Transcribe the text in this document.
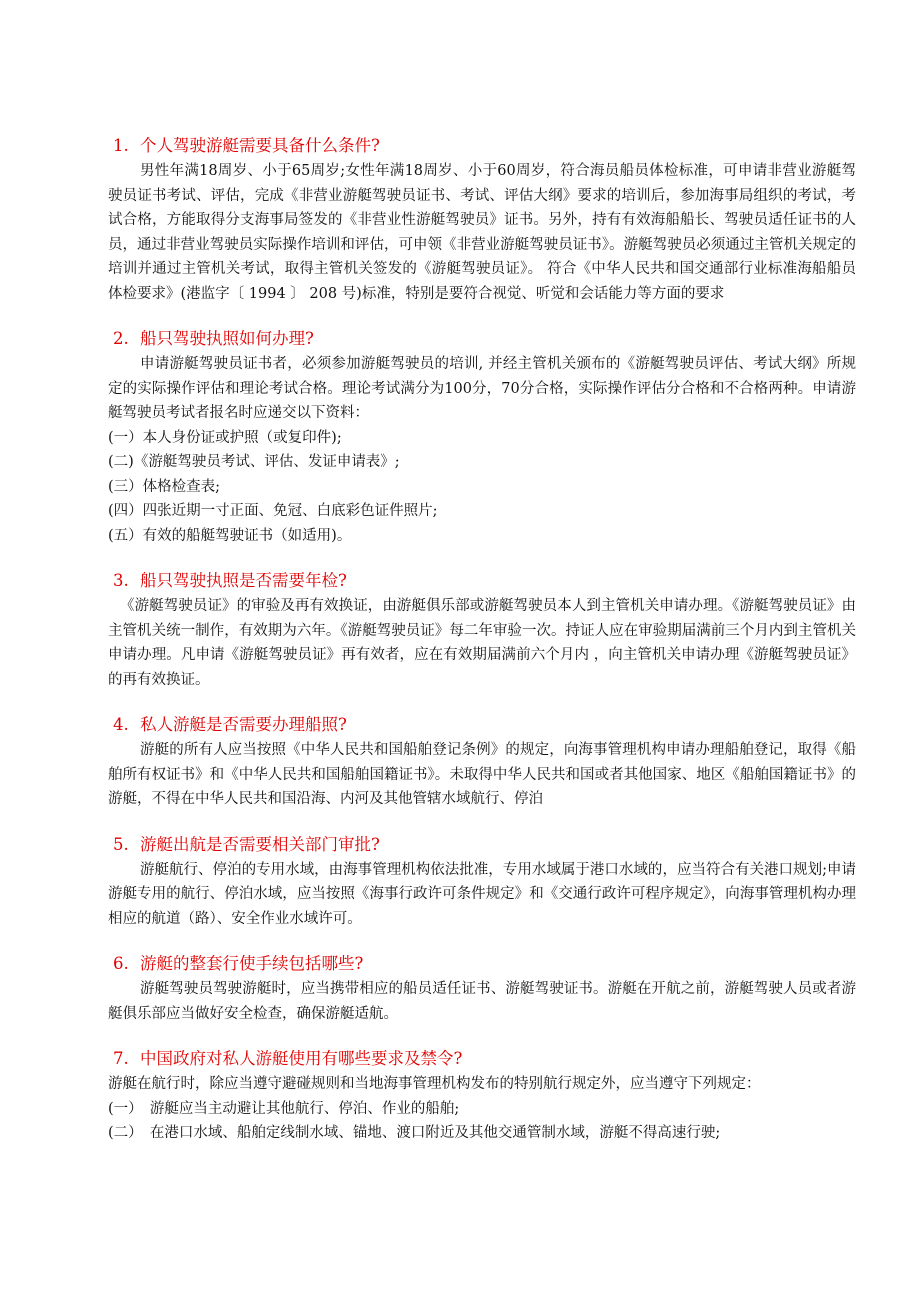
1. 个人驾驶游艇需要具备什么条件?

男性年满18周岁、小于65周岁;女性年满18周岁、小于60周岁，符合海员船员体检标准，可申请非营业游艇驾驶员证书考试、评估，完成《非营业游艇驾驶员证书、考试、评估大纲》要求的培训后，参加海事局组织的考试，考试合格，方能取得分支海事局签发的《非营业性游艇驾驶员》证书。另外，持有有效海船船长、驾驶员适任证书的人员，通过非营业驾驶员实际操作培训和评估，可申领《非营业游艇驾驶员证书》。游艇驾驶员必须通过主管机关规定的培训并通过主管机关考试，取得主管机关签发的《游艇驾驶员证》。 符合《中华人民共和国交通部行业标准海船船员体检要求》(港监字〔 1994 〕 208 号)标准，特别是要符合视觉、听觉和会话能力等方面的要求

2. 船只驾驶执照如何办理?

申请游艇驾驶员证书者，必须参加游艇驾驶员的培训, 并经主管机关颁布的《游艇驾驶员评估、考试大纲》所规定的实际操作评估和理论考试合格。理论考试满分为100分，70分合格，实际操作评估分合格和不合格两种。申请游艇驾驶员考试者报名时应递交以下资料：

(一）本人身份证或护照（或复印件);

(二)《游艇驾驶员考试、评估、发证申请表》;

(三）体格检查表;

(四）四张近期一寸正面、免冠、白底彩色证件照片;

(五）有效的船艇驾驶证书（如适用)。

3. 船只驾驶执照是否需要年检?

《游艇驾驶员证》的审验及再有效换证，由游艇俱乐部或游艇驾驶员本人到主管机关申请办理。《游艇驾驶员证》由主管机关统一制作，有效期为六年。《游艇驾驶员证》每二年审验一次。持证人应在审验期届满前三个月内到主管机关申请办理。凡申请《游艇驾驶员证》再有效者，应在有效期届满前六个月内 ，向主管机关申请办理《游艇驾驶员证》的再有效换证。

4. 私人游艇是否需要办理船照?

游艇的所有人应当按照《中华人民共和国船舶登记条例》的规定，向海事管理机构申请办理船舶登记，取得《船舶所有权证书》和《中华人民共和国船舶国籍证书》。未取得中华人民共和国或者其他国家、地区《船舶国籍证书》的游艇，不得在中华人民共和国沿海、内河及其他管辖水域航行、停泊

5. 游艇出航是否需要相关部门审批?

游艇航行、停泊的专用水域，由海事管理机构依法批准，专用水域属于港口水域的，应当符合有关港口规划;申请游艇专用的航行、停泊水域，应当按照《海事行政许可条件规定》和《交通行政许可程序规定》，向海事管理机构办理相应的航道（路）、安全作业水域许可。

6. 游艇的整套行使手续包括哪些?

游艇驾驶员驾驶游艇时，应当携带相应的船员适任证书、游艇驾驶证书。游艇在开航之前，游艇驾驶人员或者游艇俱乐部应当做好安全检查，确保游艇适航。

7. 中国政府对私人游艇使用有哪些要求及禁令?

游艇在航行时，除应当遵守避碰规则和当地海事管理机构发布的特别航行规定外，应当遵守下列规定：

(一）　游艇应当主动避让其他航行、停泊、作业的船舶;

(二）　在港口水域、船舶定线制水域、锚地、渡口附近及其他交通管制水域，游艇不得高速行驶;
